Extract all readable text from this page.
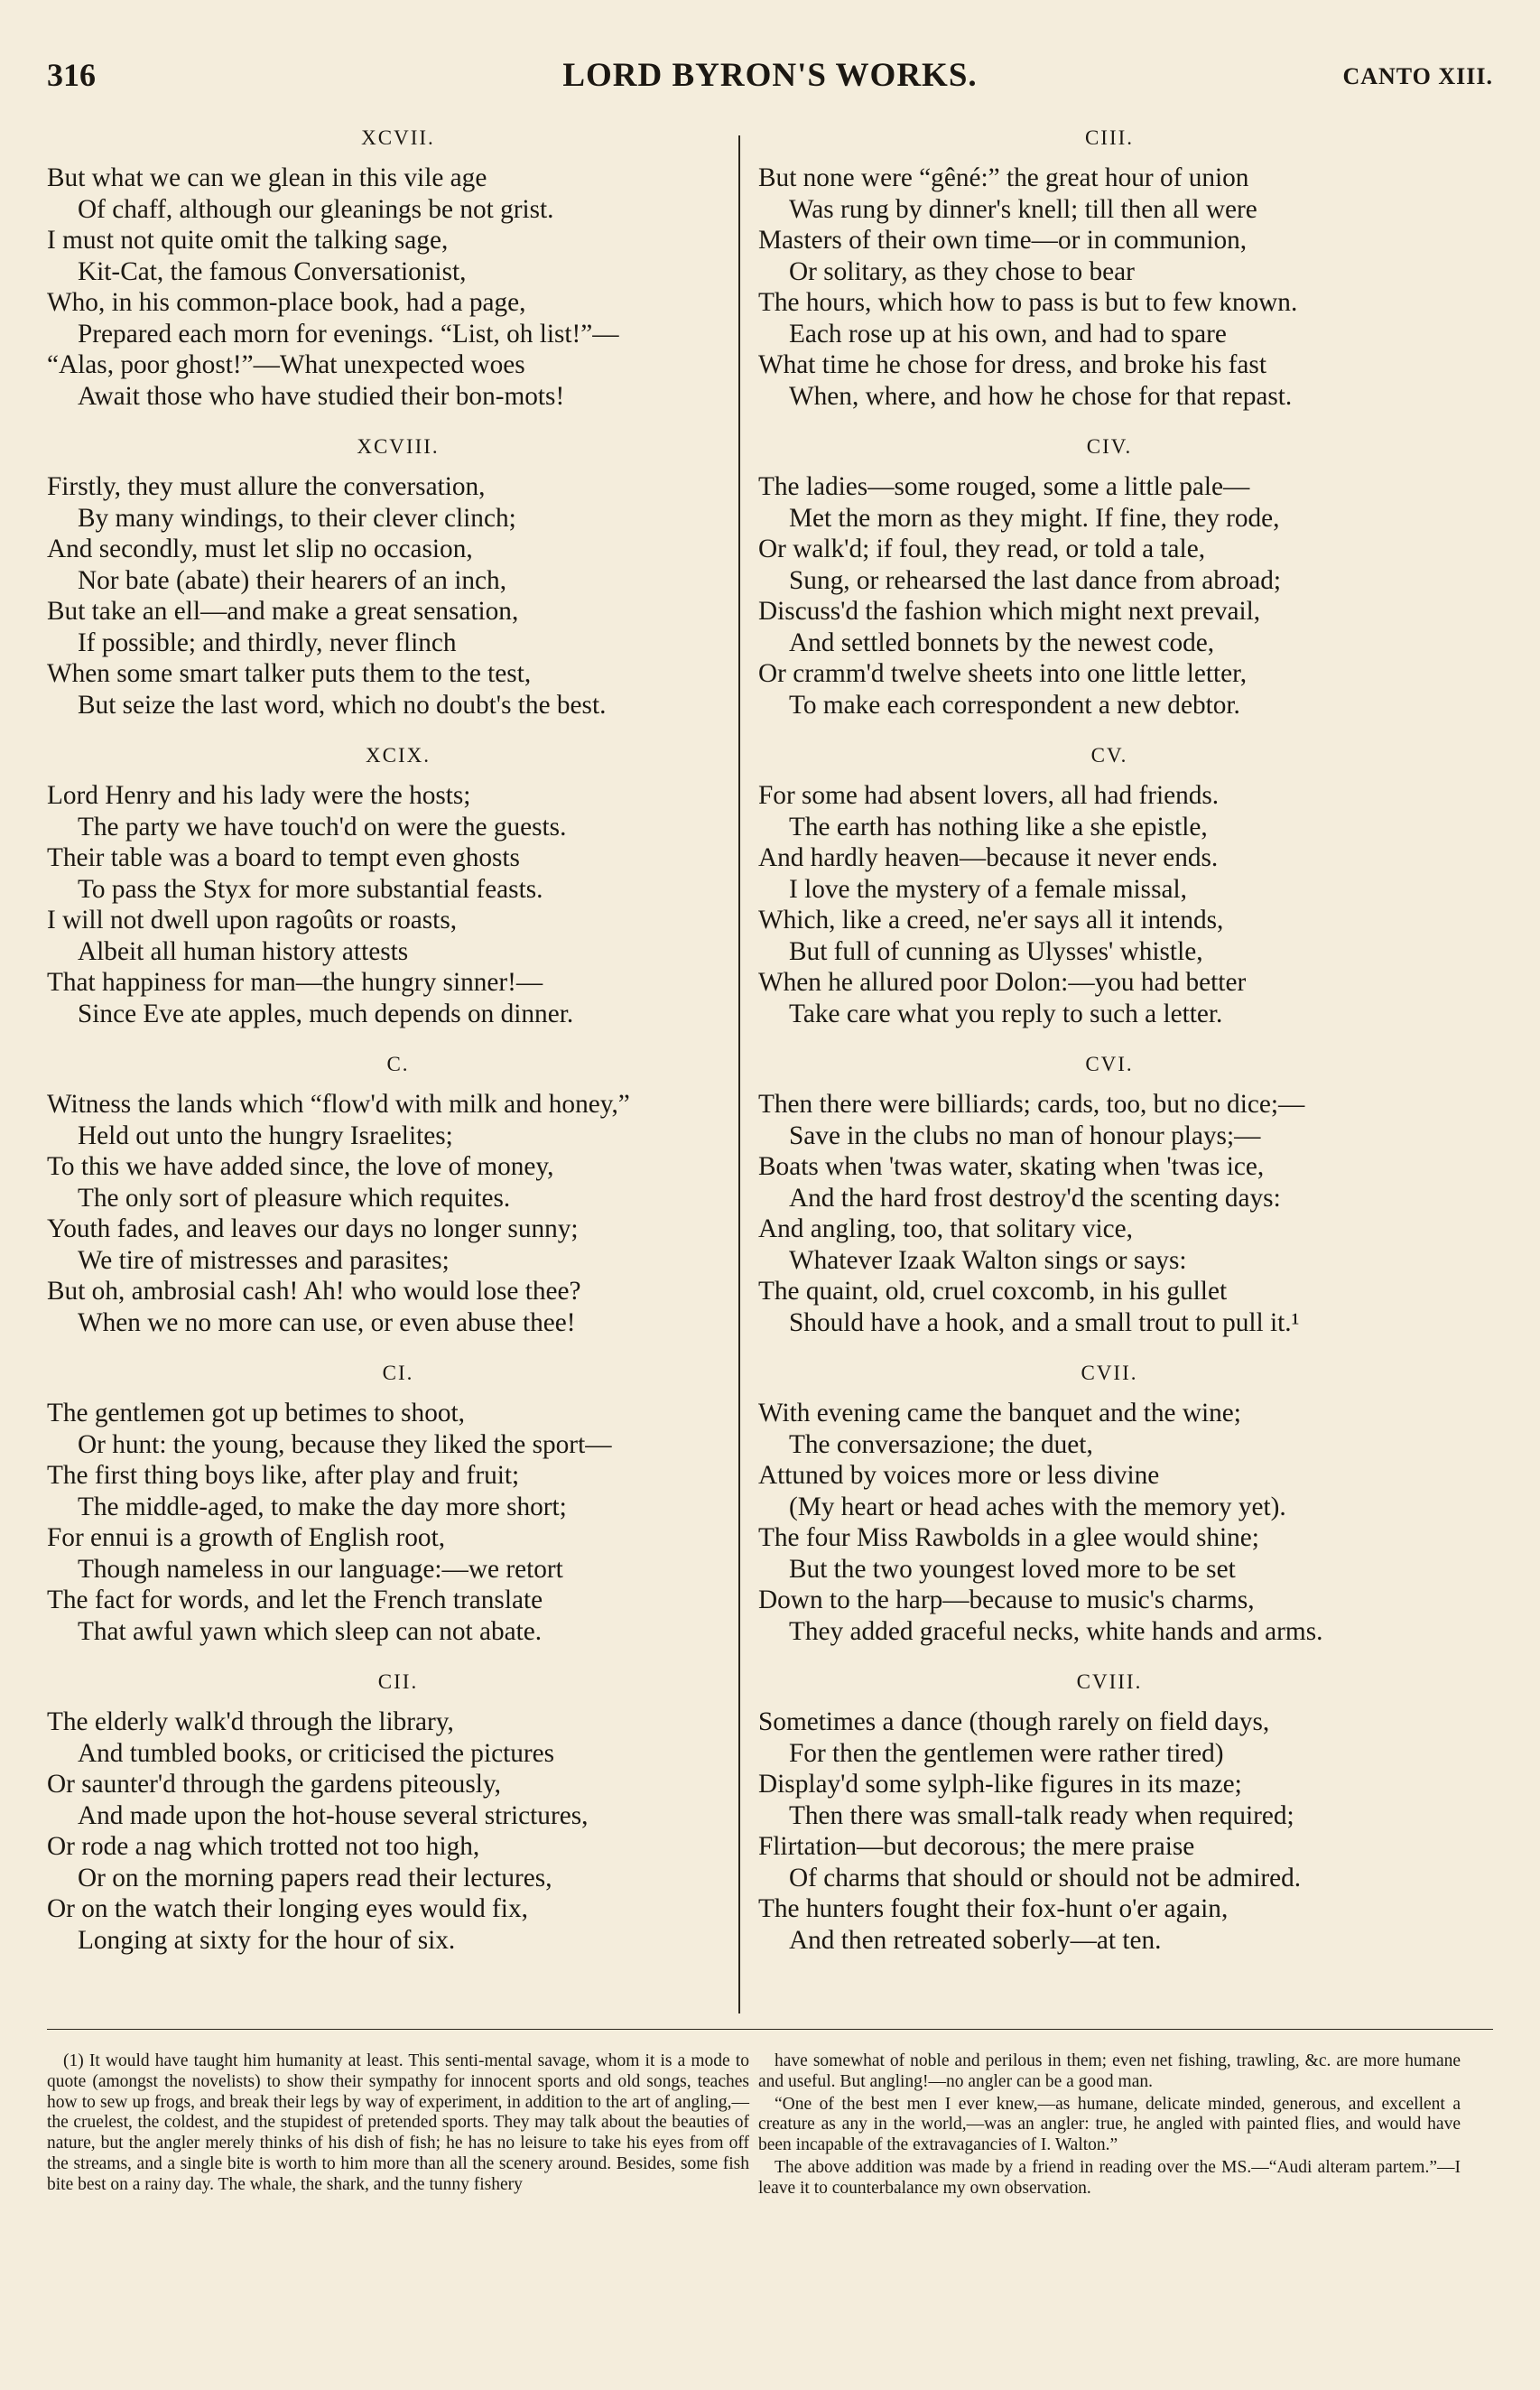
316	LORD BYRON'S WORKS.	CANTO XIII.
XCVII.
But what we can we glean in this vile age
Of chaff, although our gleanings be not grist.
I must not quite omit the talking sage,
Kit-Cat, the famous Conversationist,
Who, in his common-place book, had a page,
Prepared each morn for evenings. “List, oh list!”—
“Alas, poor ghost!”—What unexpected woes
Await those who have studied their bon-mots!
XCVIII.
Firstly, they must allure the conversation,
By many windings, to their clever clinch;
And secondly, must let slip no occasion,
Nor bate (abate) their hearers of an inch,
But take an ell—and make a great sensation,
If possible; and thirdly, never flinch
When some smart talker puts them to the test,
But seize the last word, which no doubt's the best.
XCIX.
Lord Henry and his lady were the hosts;
The party we have touch'd on were the guests.
Their table was a board to tempt even ghosts
To pass the Styx for more substantial feasts.
I will not dwell upon ragoûts or roasts,
Albeit all human history attests
That happiness for man—the hungry sinner!—
Since Eve ate apples, much depends on dinner.
C.
Witness the lands which “flow'd with milk and honey,”
Held out unto the hungry Israelites;
To this we have added since, the love of money,
The only sort of pleasure which requites.
Youth fades, and leaves our days no longer sunny;
We tire of mistresses and parasites;
But oh, ambrosial cash! Ah! who would lose thee?
When we no more can use, or even abuse thee!
CI.
The gentlemen got up betimes to shoot,
Or hunt: the young, because they liked the sport—
The first thing boys like, after play and fruit;
The middle-aged, to make the day more short;
For ennui is a growth of English root,
Though nameless in our language:—we retort
The fact for words, and let the French translate
That awful yawn which sleep can not abate.
CII.
The elderly walk'd through the library,
And tumbled books, or criticised the pictures
Or saunter'd through the gardens piteously,
And made upon the hot-house several strictures,
Or rode a nag which trotted not too high,
Or on the morning papers read their lectures,
Or on the watch their longing eyes would fix,
Longing at sixty for the hour of six.
CIII.
But none were “gêné:” the great hour of union
Was rung by dinner's knell; till then all were
Masters of their own time—or in communion,
Or solitary, as they chose to bear
The hours, which how to pass is but to few known.
Each rose up at his own, and had to spare
What time he chose for dress, and broke his fast
When, where, and how he chose for that repast.
CIV.
The ladies—some rouged, some a little pale—
Met the morn as they might. If fine, they rode,
Or walk'd; if foul, they read, or told a tale,
Sung, or rehearsed the last dance from abroad;
Discuss'd the fashion which might next prevail,
And settled bonnets by the newest code,
Or cramm'd twelve sheets into one little letter,
To make each correspondent a new debtor.
CV.
For some had absent lovers, all had friends.
The earth has nothing like a she epistle,
And hardly heaven—because it never ends.
I love the mystery of a female missal,
Which, like a creed, ne'er says all it intends,
But full of cunning as Ulysses' whistle,
When he allured poor Dolon:—you had better
Take care what you reply to such a letter.
CVI.
Then there were billiards; cards, too, but no dice;—
Save in the clubs no man of honour plays;—
Boats when 'twas water, skating when 'twas ice,
And the hard frost destroy'd the scenting days:
And angling, too, that solitary vice,
Whatever Izaak Walton sings or says:
The quaint, old, cruel coxcomb, in his gullet
Should have a hook, and a small trout to pull it.¹
CVII.
With evening came the banquet and the wine;
The conversazione; the duet,
Attuned by voices more or less divine
(My heart or head aches with the memory yet).
The four Miss Rawbolds in a glee would shine;
But the two youngest loved more to be set
Down to the harp—because to music's charms,
They added graceful necks, white hands and arms.
CVIII.
Sometimes a dance (though rarely on field days,
For then the gentlemen were rather tired)
Display'd some sylph-like figures in its maze;
Then there was small-talk ready when required;
Flirtation—but decorous; the mere praise
Of charms that should or should not be admired.
The hunters fought their fox-hunt o'er again,
And then retreated soberly—at ten.

(1) It would have taught him humanity at least. This senti-mental savage, whom it is a mode to quote (amongst the novelists) to show their sympathy for innocent sports and old songs, teaches how to sew up frogs, and break their legs by way of experiment, in addition to the art of angling,—the cruelest, the coldest, and the stupidest of pretended sports. They may talk about the beauties of nature, but the angler merely thinks of his dish of fish; he has no leisure to take his eyes from off the streams, and a single bite is worth to him more than all the scenery around. Besides, some fish bite best on a rainy day. The whale, the shark, and the tunny fishery

have somewhat of noble and perilous in them; even net fishing, trawling, &c. are more humane and useful. But angling!—no angler can be a good man.

“One of the best men I ever knew,—as humane, delicate minded, generous, and excellent a creature as any in the world,—was an angler: true, he angled with painted flies, and would have been incapable of the extravagancies of I. Walton.”

The above addition was made by a friend in reading over the MS.—“Audi alteram partem.”—I leave it to counterbalance my own observation.
